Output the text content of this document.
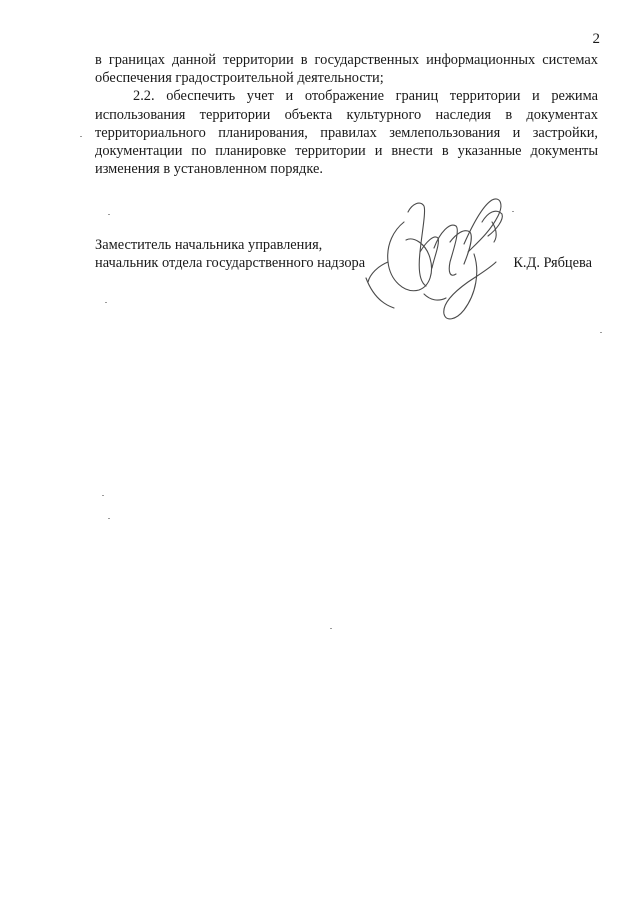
2

в границах данной территории в государственных информационных системах
обеспечения градостроительной деятельности;

2.2. обеспечить учет и отображение границ территории и режима
использования территории объекта культурного наследия в документах
территориального планирования, правилах землепользования и застройки,
документации по планировке территории и внести в указанные документы
изменения в установленном порядке.

Заместитель начальника управления,
начальник отдела государственного надзора	К.Д. Рябцева
